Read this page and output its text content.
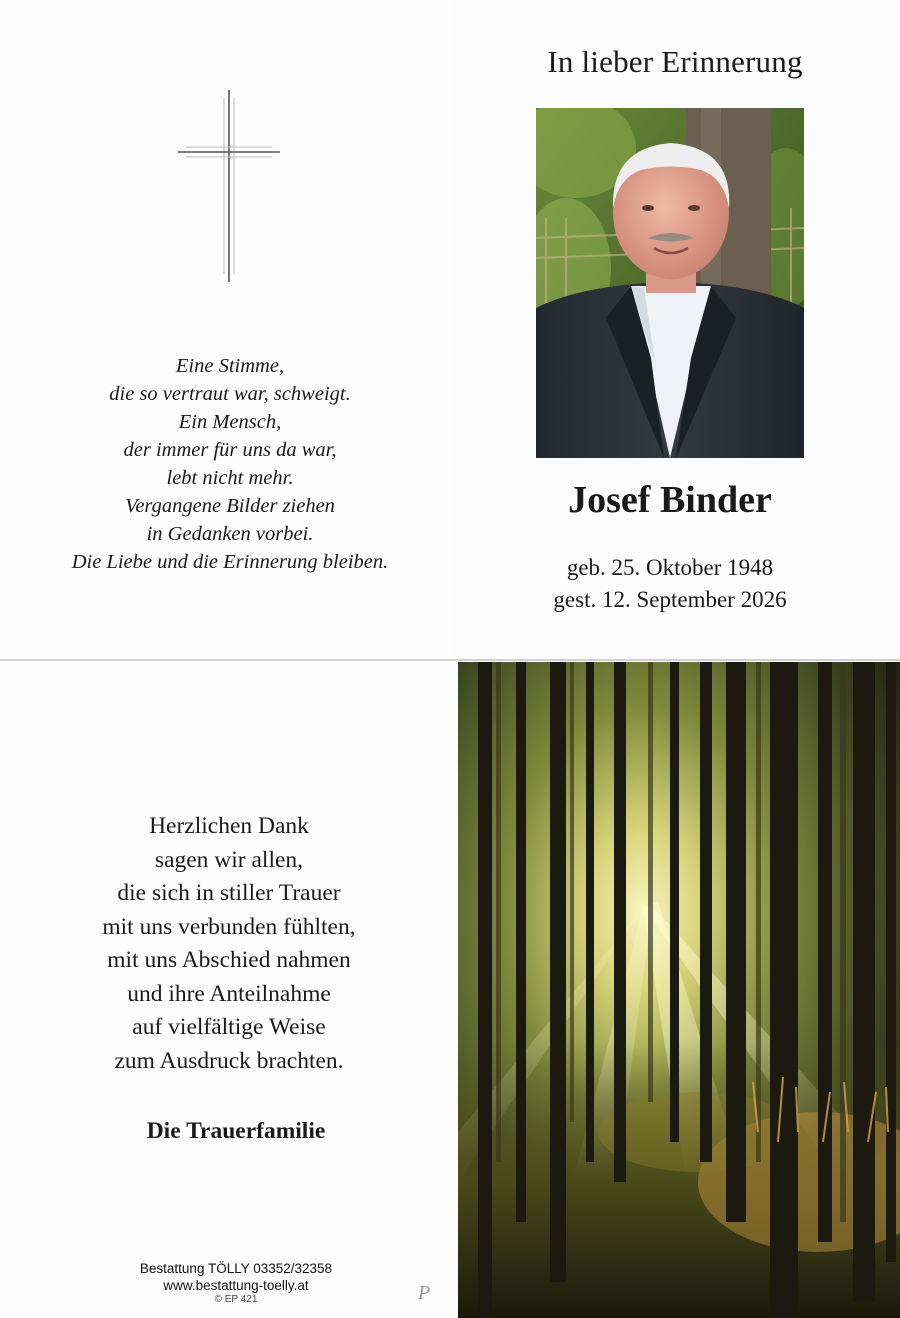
Eine Stimme,
die so vertraut war, schweigt.
Ein Mensch,
der immer für uns da war,
lebt nicht mehr.
Vergangene Bilder ziehen
in Gedanken vorbei.
Die Liebe und die Erinnerung bleiben.
In lieber Erinnerung
Josef Binder
geb. 25. Oktober 1948
gest. 12. September 2026
Herzlichen Dank
sagen wir allen,
die sich in stiller Trauer
mit uns verbunden fühlten,
mit uns Abschied nahmen
und ihre Anteilnahme
auf vielfältige Weise
zum Ausdruck brachten.
Die Trauerfamilie
Bestattung TÖLLY 03352/32358
www.bestattung-toelly.at
© EP 421	P
